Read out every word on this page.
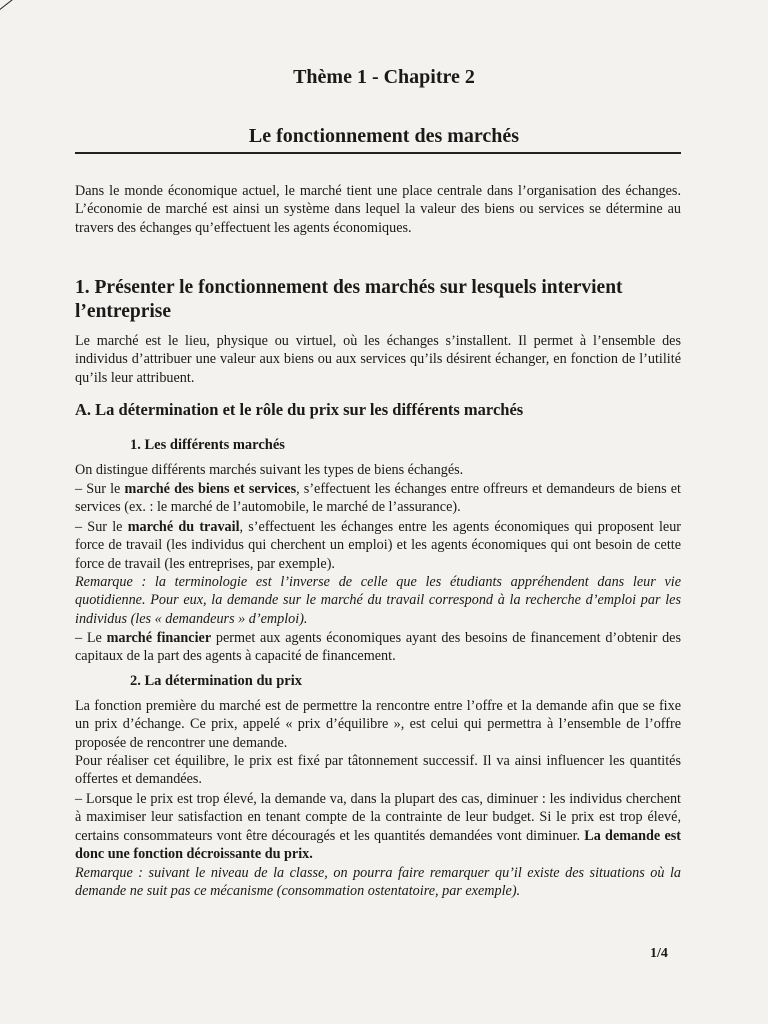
Thème 1 - Chapitre 2
Le fonctionnement des marchés

Dans le monde économique actuel, le marché tient une place centrale dans l’organisation des échanges. L’économie de marché est ainsi un système dans lequel la valeur des biens ou services se détermine au travers des échanges qu’effectuent les agents économiques.

1. Présenter le fonctionnement des marchés sur lesquels intervient l’entreprise

Le marché est le lieu, physique ou virtuel, où les échanges s’installent. Il permet à l’ensemble des individus d’attribuer une valeur aux biens ou aux services qu’ils désirent échanger, en fonction de l’utilité qu’ils leur attribuent.

A. La détermination et le rôle du prix sur les différents marchés
1. Les différents marchés

On distingue différents marchés suivant les types de biens échangés.

– Sur le marché des biens et services, s’effectuent les échanges entre offreurs et demandeurs de biens et services (ex. : le marché de l’automobile, le marché de l’assurance).

– Sur le marché du travail, s’effectuent les échanges entre les agents économiques qui proposent leur force de travail (les individus qui cherchent un emploi) et les agents économiques qui ont besoin de cette force de travail (les entreprises, par exemple).

Remarque : la terminologie est l’inverse de celle que les étudiants appréhendent dans leur vie quotidienne. Pour eux, la demande sur le marché du travail correspond à la recherche d’emploi par les individus (les « demandeurs » d’emploi).

– Le marché financier permet aux agents économiques ayant des besoins de financement d’obtenir des capitaux de la part des agents à capacité de financement.

2. La détermination du prix

La fonction première du marché est de permettre la rencontre entre l’offre et la demande afin que se fixe un prix d’échange. Ce prix, appelé « prix d’équilibre », est celui qui permettra à l’ensemble de l’offre proposée de rencontrer une demande.

Pour réaliser cet équilibre, le prix est fixé par tâtonnement successif. Il va ainsi influencer les quantités offertes et demandées.

– Lorsque le prix est trop élevé, la demande va, dans la plupart des cas, diminuer : les individus cherchent à maximiser leur satisfaction en tenant compte de la contrainte de leur budget. Si le prix est trop élevé, certains consommateurs vont être découragés et les quantités demandées vont diminuer. La demande est donc une fonction décroissante du prix.

Remarque : suivant le niveau de la classe, on pourra faire remarquer qu’il existe des situations où la demande ne suit pas ce mécanisme (consommation ostentatoire, par exemple).

1/4
